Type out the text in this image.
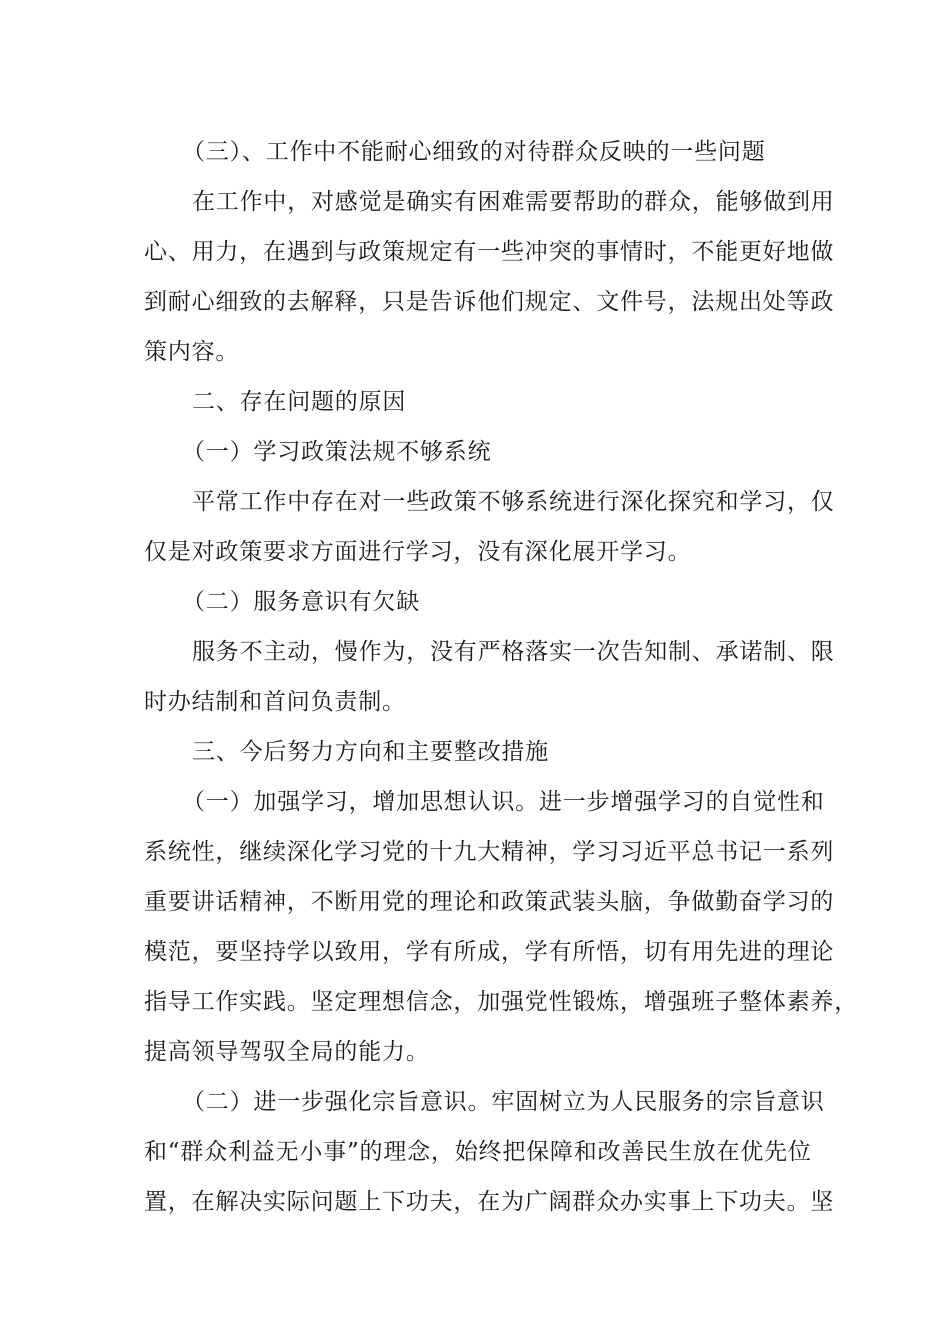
（三）、工作中不能耐心细致的对待群众反映的一些问题

在工作中，对感觉是确实有困难需要帮助的群众，能够做到用

心、用力，在遇到与政策规定有一些冲突的事情时，不能更好地做

到耐心细致的去解释，只是告诉他们规定、文件号，法规出处等政

策内容。

二、存在问题的原因

（一）学习政策法规不够系统

平常工作中存在对一些政策不够系统进行深化探究和学习，仅

仅是对政策要求方面进行学习，没有深化展开学习。

（二）服务意识有欠缺

服务不主动，慢作为，没有严格落实一次告知制、承诺制、限

时办结制和首问负责制。

三、今后努力方向和主要整改措施

（一）加强学习，增加思想认识。进一步增强学习的自觉性和

系统性，继续深化学习党的十九大精神，学习习近平总书记一系列

重要讲话精神，不断用党的理论和政策武装头脑，争做勤奋学习的

模范，要坚持学以致用，学有所成，学有所悟，切有用先进的理论

指导工作实践。坚定理想信念，加强党性锻炼，增强班子整体素养，

提高领导驾驭全局的能力。

（二）进一步强化宗旨意识。牢固树立为人民服务的宗旨意识

和“群众利益无小事”的理念，始终把保障和改善民生放在优先位

置，在解决实际问题上下功夫，在为广阔群众办实事上下功夫。坚
